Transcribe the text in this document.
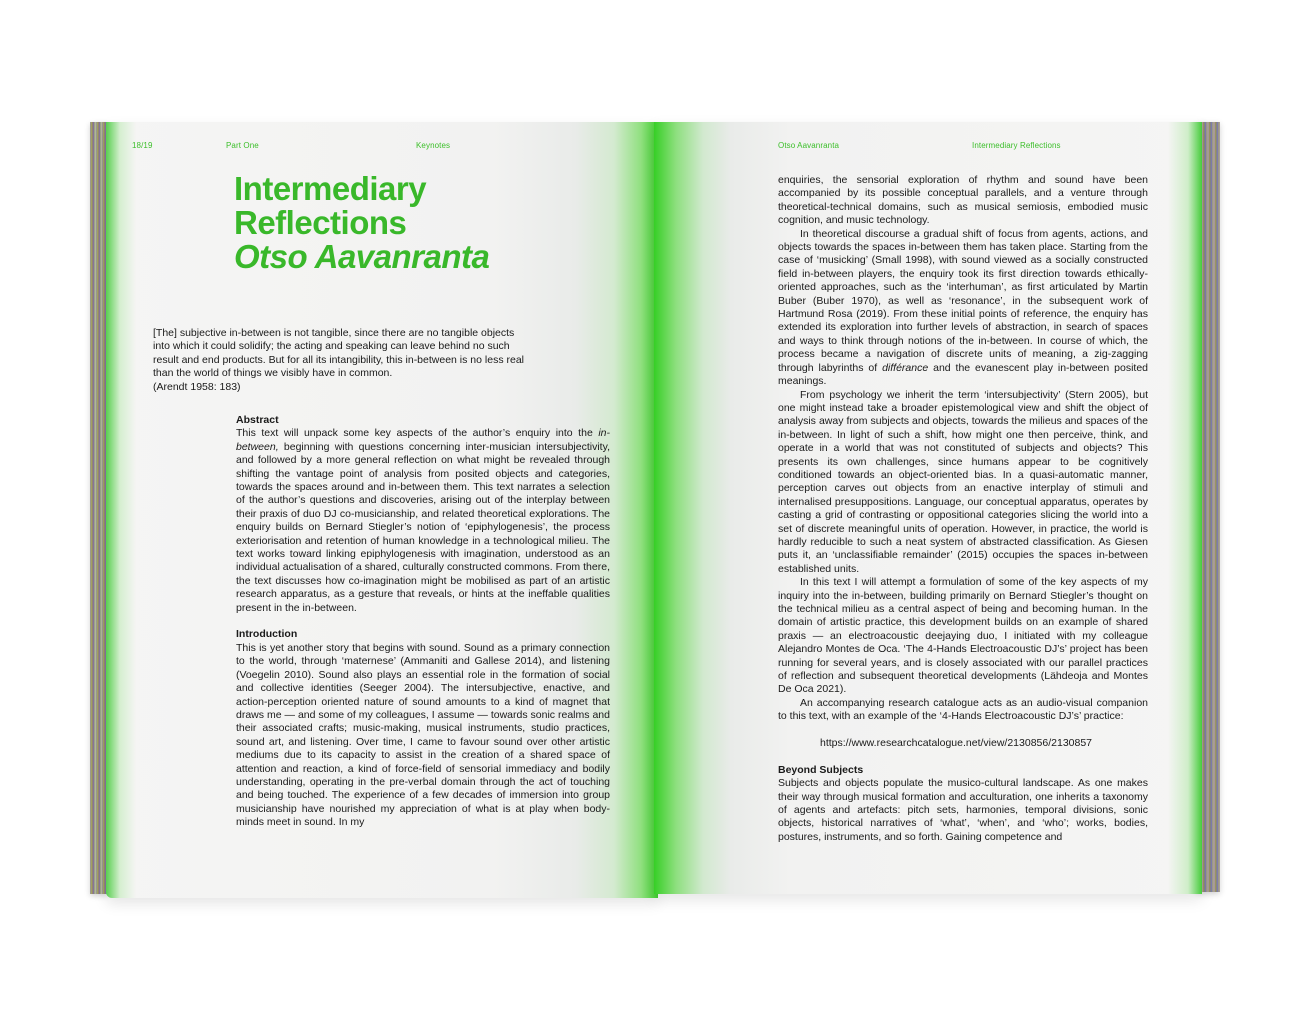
18/19	Part One	Keynotes
Intermediary
Reflections
Otso Aavanranta

[The] subjective in-between is not tangible, since there are no tangible objects into which it could solidify; the acting and speaking can leave behind no such result and end products. But for all its intangibility, this in-between is no less real than the world of things we visibly have in common.

(Arendt 1958: 183)

Abstract

This text will unpack some key aspects of the author’s enquiry into the in-between, beginning with questions concerning inter-musician intersubjectivity, and followed by a more general reflection on what might be revealed through shifting the vantage point of analysis from posited objects and categories, towards the spaces around and in-between them. This text narrates a selection of the author’s questions and discoveries, arising out of the interplay between their praxis of duo DJ co-musicianship, and related theoretical explorations. The enquiry builds on Bernard Stiegler’s notion of ‘epiphylogenesis’, the process exteriorisation and retention of human knowledge in a technological milieu. The text works toward linking epiphylogenesis with imagination, understood as an individual actualisation of a shared, culturally constructed commons. From there, the text discusses how co-imagination might be mobilised as part of an artistic research apparatus, as a gesture that reveals, or hints at the ineffable qualities present in the in-between.

Introduction

This is yet another story that begins with sound. Sound as a primary connection to the world, through ‘maternese’ (Ammaniti and Gallese 2014), and listening (Voegelin 2010). Sound also plays an essential role in the formation of social and collective identities (Seeger 2004). The intersubjective, enactive, and action-perception oriented nature of sound amounts to a kind of magnet that draws me — and some of my colleagues, I assume — towards sonic realms and their associated crafts; music-making, musical instruments, studio practices, sound art, and listening. Over time, I came to favour sound over other artistic mediums due to its capacity to assist in the creation of a shared space of attention and reaction, a kind of force-field of sensorial immediacy and bodily understanding, operating in the pre-verbal domain through the act of touching and being touched. The experience of a few decades of immersion into group musicianship have nourished my appreciation of what is at play when body-minds meet in sound. In my

Otso Aavanranta	Intermediary Reflections

enquiries, the sensorial exploration of rhythm and sound have been accompanied by its possible conceptual parallels, and a venture through theoretical-technical domains, such as musical semiosis, embodied music cognition, and music technology.

In theoretical discourse a gradual shift of focus from agents, actions, and objects towards the spaces in-between them has taken place. Starting from the case of ‘musicking’ (Small 1998), with sound viewed as a socially constructed field in-between players, the enquiry took its first direction towards ethically-oriented approaches, such as the ‘interhuman’, as first articulated by Martin Buber (Buber 1970), as well as ‘resonance’, in the subsequent work of Hartmund Rosa (2019). From these initial points of reference, the enquiry has extended its exploration into further levels of abstraction, in search of spaces and ways to think through notions of the in-between. In course of which, the process became a navigation of discrete units of meaning, a zig-zagging through labyrinths of différance and the evanescent play in-between posited meanings.

From psychology we inherit the term ‘intersubjectivity’ (Stern 2005), but one might instead take a broader epistemological view and shift the object of analysis away from subjects and objects, towards the milieus and spaces of the in-between. In light of such a shift, how might one then perceive, think, and operate in a world that was not constituted of subjects and objects? This presents its own challenges, since humans appear to be cognitively conditioned towards an object-oriented bias. In a quasi-automatic manner, perception carves out objects from an enactive interplay of stimuli and internalised presuppositions. Language, our conceptual apparatus, operates by casting a grid of contrasting or oppositional categories slicing the world into a set of discrete meaningful units of operation. However, in practice, the world is hardly reducible to such a neat system of abstracted classification. As Giesen puts it, an ‘unclassifiable remainder’ (2015) occupies the spaces in-between established units.

In this text I will attempt a formulation of some of the key aspects of my inquiry into the in-between, building primarily on Bernard Stiegler’s thought on the technical milieu as a central aspect of being and becoming human. In the domain of artistic practice, this development builds on an example of shared praxis — an electroacoustic deejaying duo, I initiated with my colleague Alejandro Montes de Oca. ‘The 4-Hands Electroacoustic DJ’s’ project has been running for several years, and is closely associated with our parallel practices of reflection and subsequent theoretical developments (Lähdeoja and Montes De Oca 2021).

An accompanying research catalogue acts as an audio-visual companion to this text, with an example of the ‘4-Hands Electroacoustic DJ’s’ practice:

https://www.researchcatalogue.net/view/2130856/2130857

Beyond Subjects

Subjects and objects populate the musico-cultural landscape. As one makes their way through musical formation and acculturation, one inherits a taxonomy of agents and artefacts: pitch sets, harmonies, temporal divisions, sonic objects, historical narratives of ‘what’, ‘when’, and ‘who’; works, bodies, postures, instruments, and so forth. Gaining competence and
